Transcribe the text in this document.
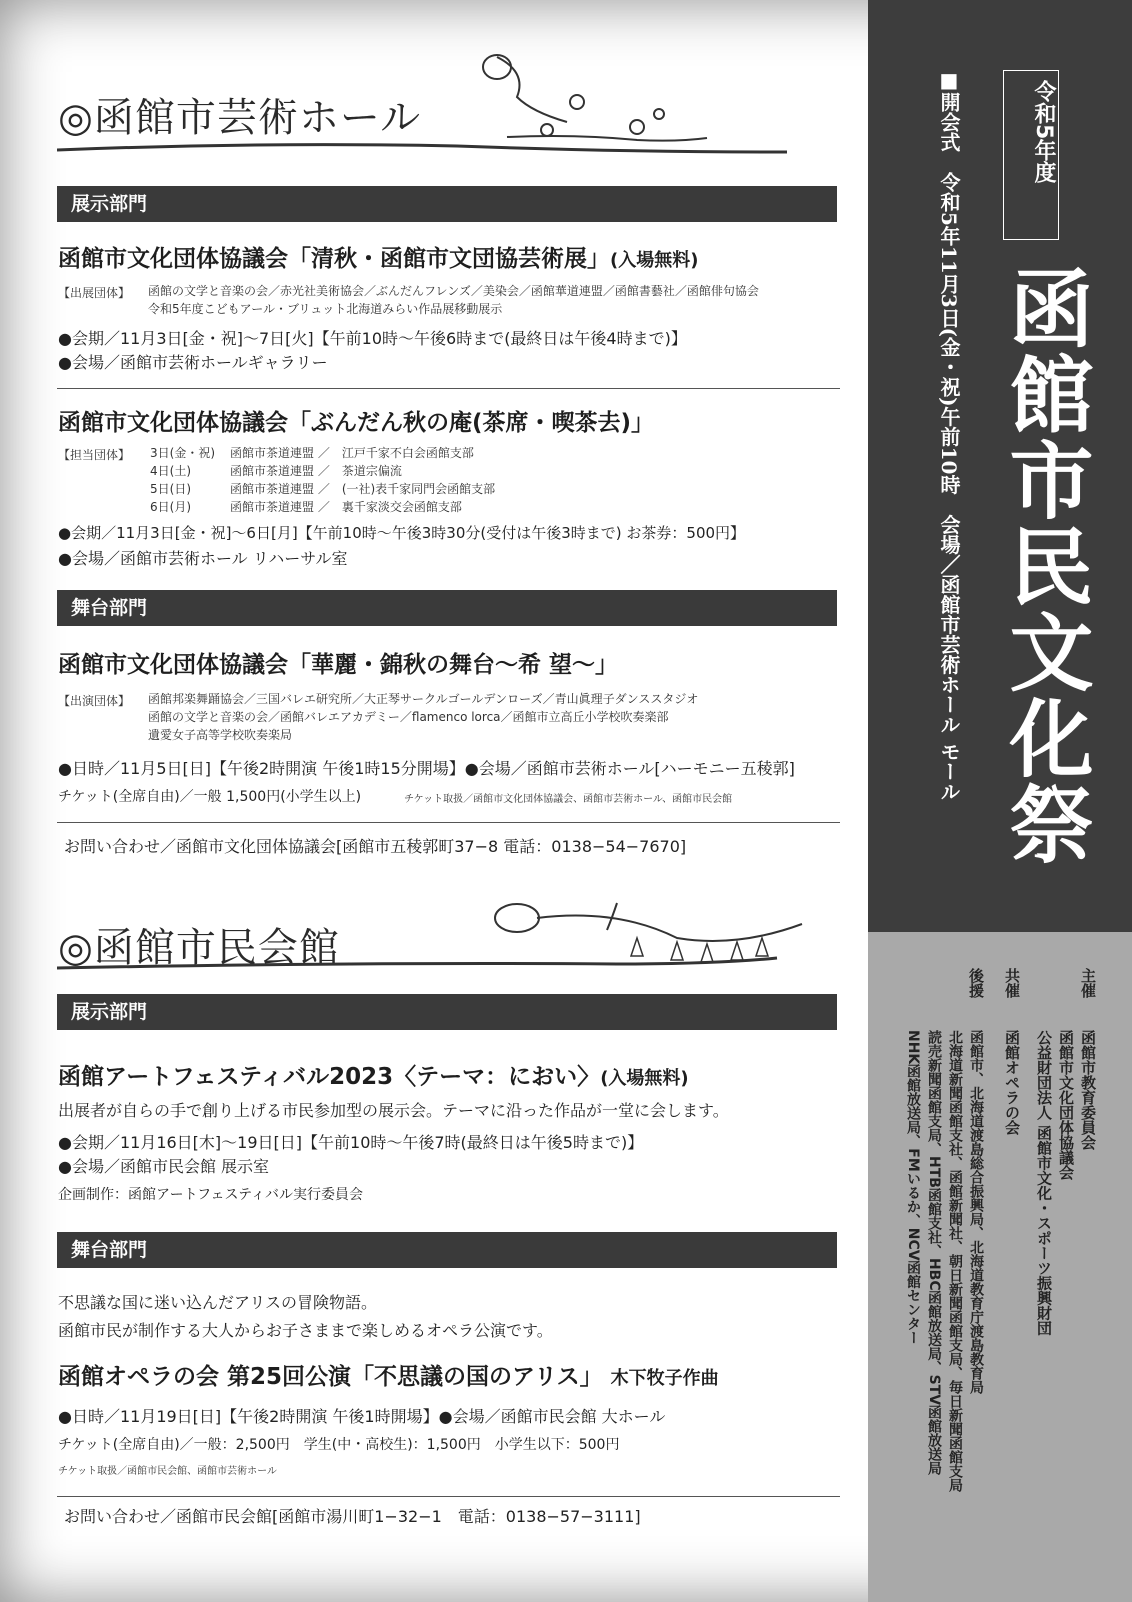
◎函館市芸術ホール
展示部門
函館市文化団体協議会「清秋・函館市文団協芸術展」(入場無料)
【出展団体】 函館の文学と音楽の会／赤光社美術協会／ぶんだんフレンズ／美染会／函館華道連盟／函館書藝社／函館俳句協会
令和5年度こどもアール・ブリュット北海道みらい作品展移動展示
●会期／11月3日[金・祝]～7日[火]【午前10時～午後6時まで(最終日は午後4時まで)】
●会場／函館市芸術ホールギャラリー
函館市文化団体協議会「ぶんだん秋の庵(茶席・喫茶去)」
【担当団体】 3日(金・祝) 函館市茶道連盟 ／　江戸千家不白会函館支部
4日(土)	函館市茶道連盟 ／　茶道宗偏流
5日(日)	函館市茶道連盟 ／　(一社)表千家同門会函館支部
6日(月)	函館市茶道連盟 ／　裏千家淡交会函館支部
●会期／11月3日[金・祝]～6日[月]【午前10時～午後3時30分(受付は午後3時まで) お茶券：500円】
●会場／函館市芸術ホール リハーサル室
舞台部門
函館市文化団体協議会「華麗・錦秋の舞台～希 望～」
【出演団体】 函館邦楽舞踊協会／三国バレエ研究所／大正琴サークルゴールデンローズ／青山眞理子ダンススタジオ
函館の文学と音楽の会／函館バレエアカデミー／flamenco lorca／函館市立高丘小学校吹奏楽部
遺愛女子高等学校吹奏楽局
●日時／11月5日[日]【午後2時開演 午後1時15分開場】●会場／函館市芸術ホール[ハーモニー五稜郭]
チケット(全席自由)／一般 1,500円(小学生以上)	チケット取扱／函館市文化団体協議会、函館市芸術ホール、函館市民会館
お問い合わせ／函館市文化団体協議会[函館市五稜郭町37−8 電話：0138−54−7670]
◎函館市民会館
展示部門
函館アートフェスティバル2023〈テーマ：におい〉(入場無料)
出展者が自らの手で創り上げる市民参加型の展示会。テーマに沿った作品が一堂に会します。
●会期／11月16日[木]～19日[日]【午前10時～午後7時(最終日は午後5時まで)】
●会場／函館市民会館 展示室
企画制作：函館アートフェスティバル実行委員会
舞台部門
不思議な国に迷い込んだアリスの冒険物語。
函館市民が制作する大人からお子さままで楽しめるオペラ公演です。
函館オペラの会 第25回公演「不思議の国のアリス」 木下牧子作曲
●日時／11月19日[日]【午後2時開演 午後1時開場】●会場／函館市民会館 大ホール
チケット(全席自由)／一般：2,500円　学生(中・高校生)：1,500円　小学生以下：500円
チケット取扱／函館市民会館、函館市芸術ホール
お問い合わせ／函館市民会館[函館市湯川町1−32−1　電話：0138−57−3111]
令和5年度
函館市民文化祭
■開会式　令和5年11月3日(金・祝)午前10時　会場／函館市芸術ホール モール
主催
函館市教育委員会
函館市文化団体協議会
公益財団法人 函館市文化・スポーツ振興財団
共催
函館オペラの会
後援
函館市、北海道渡島総合振興局、北海道教育庁渡島教育局
北海道新聞函館支社、函館新聞社、朝日新聞函館支局、毎日新聞函館支局
読売新聞函館支局、HTB函館支社、HBC函館放送局、STV函館放送局
NHK函館放送局、FMいるか、NCV函館センター
